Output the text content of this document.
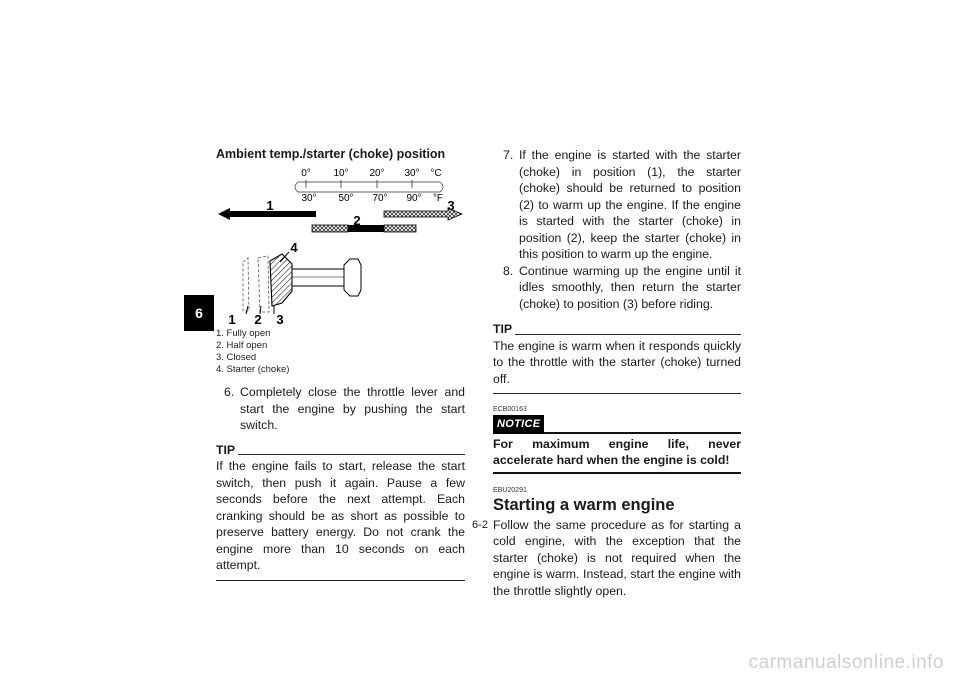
6
Ambient temp./starter (choke) position
0° 10° 20° 30° °C
30° 50° 70° 90° °F
1
2
3
4
1 2 3
1. Fully open
2. Half open
3. Closed
4. Starter (choke)
6. Completely close the throttle lever and start the engine by pushing the start switch.
TIP
If the engine fails to start, release the start switch, then push it again. Pause a few seconds before the next attempt. Each cranking should be as short as possible to preserve battery energy. Do not crank the engine more than 10 seconds on each attempt.
7. If the engine is started with the starter (choke) in position (1), the starter (choke) should be returned to position (2) to warm up the engine. If the engine is started with the starter (choke) in position (2), keep the starter (choke) in this position to warm up the engine.
8. Continue warming up the engine until it idles smoothly, then return the starter (choke) to position (3) before riding.
TIP
The engine is warm when it responds quickly to the throttle with the starter (choke) turned off.
ECB00163
NOTICE
For maximum engine life, never accelerate hard when the engine is cold!
EBU20291
Starting a warm engine
Follow the same procedure as for starting a cold engine, with the exception that the starter (choke) is not required when the engine is warm. Instead, start the engine with the throttle slightly open.
6-2
carmanualsonline.info
